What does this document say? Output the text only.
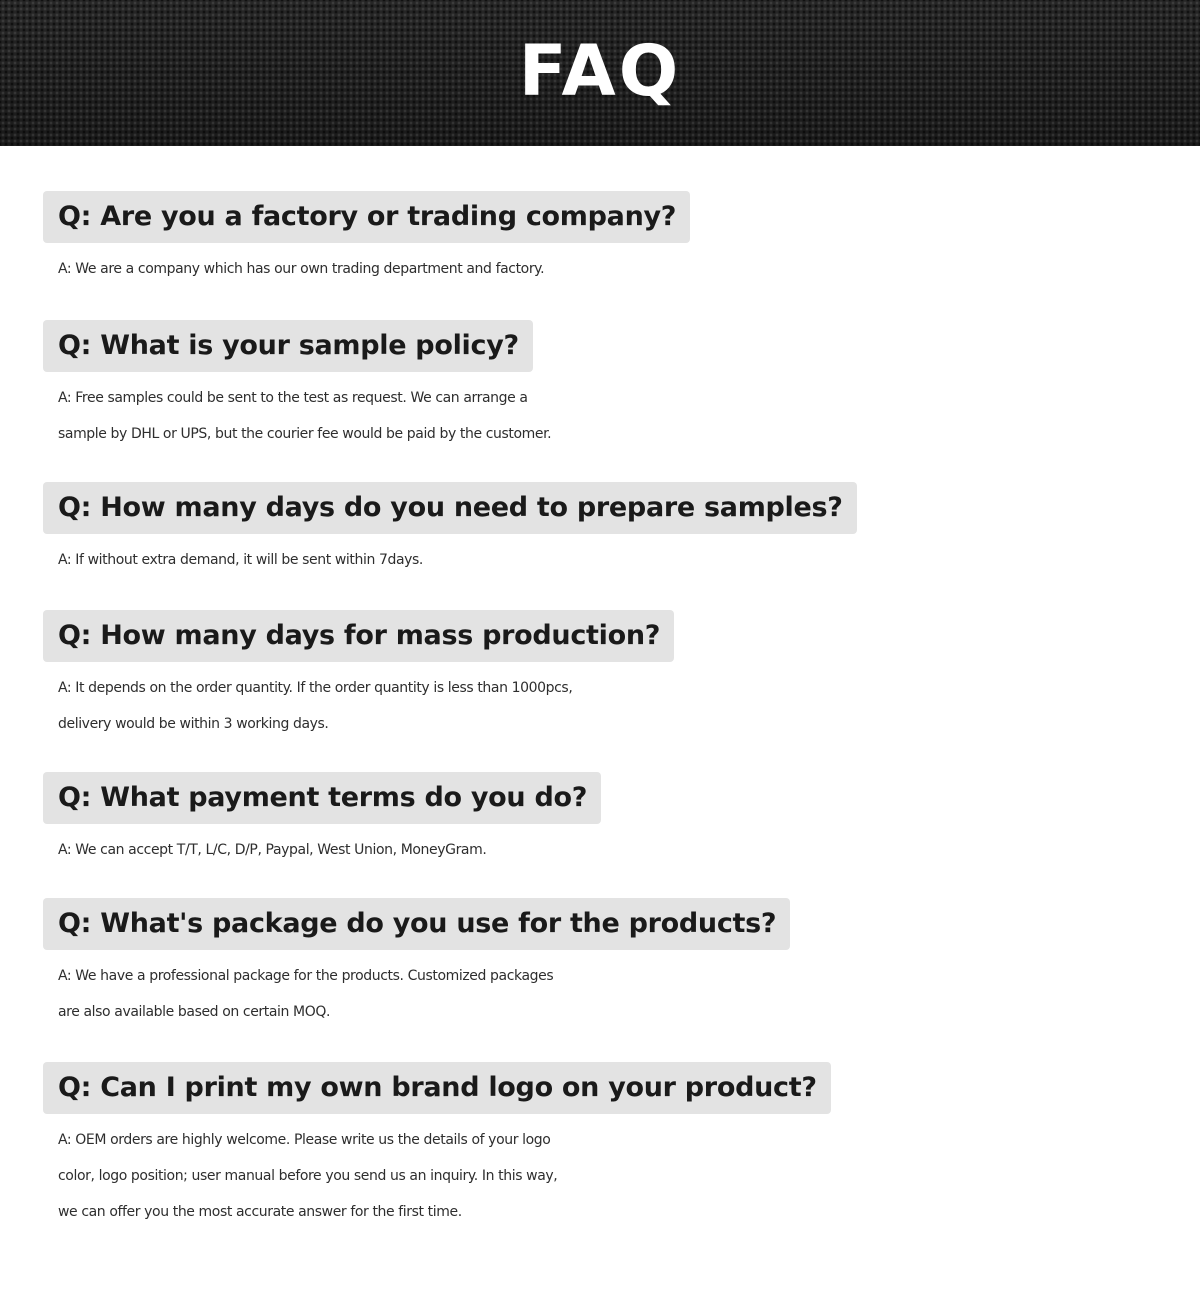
FAQ
Q: Are you a factory or trading company?

A: We are a company which has our own trading department and factory.

Q: What is your sample policy?

A: Free samples could be sent to the test as request. We can arrange a
sample by DHL or UPS, but the courier fee would be paid by the customer.

Q: How many days do you need to prepare samples?

A: If without extra demand, it will be sent within 7days.

Q: How many days for mass production?

A: It depends on the order quantity. If the order quantity is less than 1000pcs,
delivery would be within 3 working days.

Q: What payment terms do you do?

A: We can accept T/T, L/C, D/P, Paypal, West Union, MoneyGram.

Q: What's package do you use for the products?

A: We have a professional package for the products. Customized packages
are also available based on certain MOQ.

Q: Can I print my own brand logo on your product?

A: OEM orders are highly welcome. Please write us the details of your logo
color, logo position; user manual before you send us an inquiry. In this way,
we can offer you the most accurate answer for the first time.
